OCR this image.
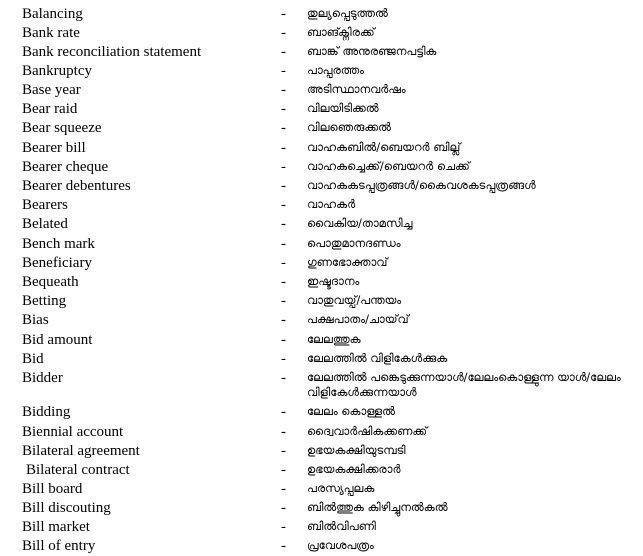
Balancing	- തുല്യപ്പെടുത്തൽ
Bank rate	- ബാങ്ക്നിരക്ക്
Bank reconciliation statement	- ബാങ്ക് അനുരഞ്ജനപട്ടിക
Bankruptcy	- പാപ്പരത്തം
Base year	- അടിസ്ഥാനവർഷം
Bear raid	- വിലയിടിക്കൽ
Bear squeeze	- വിലഞെരുക്കൽ
Bearer bill	- വാഹകബിൽ/ബെയറർ ബില്ല്
Bearer cheque	- വാഹകച്ചെക്ക്/ബെയറർ ചെക്ക്
Bearer debentures	- വാഹകകടപ്പത്രങ്ങൾ/കൈവശകടപ്പത്രങ്ങൾ
Bearers	- വാഹകർ
Belated	- വൈകിയ/താമസിച്ച
Bench mark	- പൊതുമാനദണ്ഡം
Beneficiary	- ഗുണഭോക്താവ്
Bequeath	- ഇഷ്ടദാനം
Betting	- വാതുവയ്പ്/പന്തയം
Bias	- പക്ഷപാതം/ചായ്‌വ്
Bid amount	- ലേലത്തുക
Bid	- ലേലത്തിൽ വിളികേൾക്കുക
Bidder	- ലേലത്തിൽ പങ്കെടുക്കുന്നയാൾ/ലേലംകൊള്ളുന്ന യാൾ/ലേലം വിളികേൾക്കുന്നയാൾ
Bidding	- ലേലം കൊള്ളൽ
Biennial account	- ദ്വൈവാർഷികക്കണക്ക്
Bilateral agreement	- ഉഭയകക്ഷിയുടമ്പടി
Bilateral contract	- ഉഭയകക്ഷിക്കരാർ
Bill board	- പരസ്യപ്പലക
Bill discouting	- ബിൽത്തുക കിഴിച്ചുനൽകൽ
Bill market	- ബിൽവിപണി
Bill of entry	- പ്രവേശപത്രം
